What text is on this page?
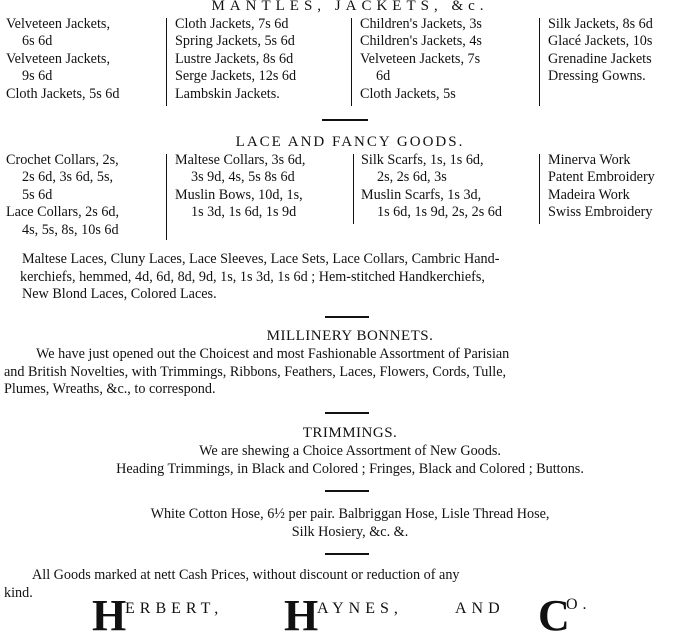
MANTLES, JACKETS, &c.
Velveteen Jackets,
6s 6d
Velveteen Jackets,
9s 6d
Cloth Jackets, 5s 6d
Cloth Jackets, 7s 6d
Spring Jackets, 5s 6d
Lustre Jackets, 8s 6d
Serge Jackets, 12s 6d
Lambskin Jackets.
Children's Jackets, 3s
Children's Jackets, 4s
Velveteen Jackets, 7s
6d
Cloth Jackets, 5s
Silk Jackets, 8s 6d
Glacé Jackets, 10s
Grenadine Jackets
Dressing Gowns.
LACE AND FANCY GOODS.
Crochet Collars, 2s,
2s 6d, 3s 6d, 5s,
5s 6d
Lace Collars, 2s 6d,
4s, 5s, 8s, 10s 6d
Maltese Collars, 3s 6d,
3s 9d, 4s, 5s 8s 6d
Muslin Bows, 10d, 1s,
1s 3d, 1s 6d, 1s 9d
Silk Scarfs, 1s, 1s 6d,
2s, 2s 6d, 3s
Muslin Scarfs, 1s 3d,
1s 6d, 1s 9d, 2s, 2s 6d
Minerva Work
Patent Embroidery
Madeira Work
Swiss Embroidery
Maltese Laces, Cluny Laces, Lace Sleeves, Lace Sets, Lace Collars, Cambric Hand-
kerchiefs, hemmed, 4d, 6d, 8d, 9d, 1s, 1s 3d, 1s 6d ; Hem-stitched Handkerchiefs,
New Blond Laces, Colored Laces.
MILLINERY BONNETS.
We have just opened out the Choicest and most Fashionable Assortment of Parisian
and British Novelties, with Trimmings, Ribbons, Feathers, Laces, Flowers, Cords, Tulle,
Plumes, Wreaths, &c., to correspond.
TRIMMINGS.
We are shewing a Choice Assortment of New Goods.
Heading Trimmings, in Black and Colored ; Fringes, Black and Colored ; Buttons.
White Cotton Hose, 6½ per pair. Balbriggan Hose, Lisle Thread Hose,
Silk Hosiery, &c. &.
All Goods marked at nett Cash Prices, without discount or reduction of any
kind.	H
ERBERT, H
AYNES,	AND C
O.
